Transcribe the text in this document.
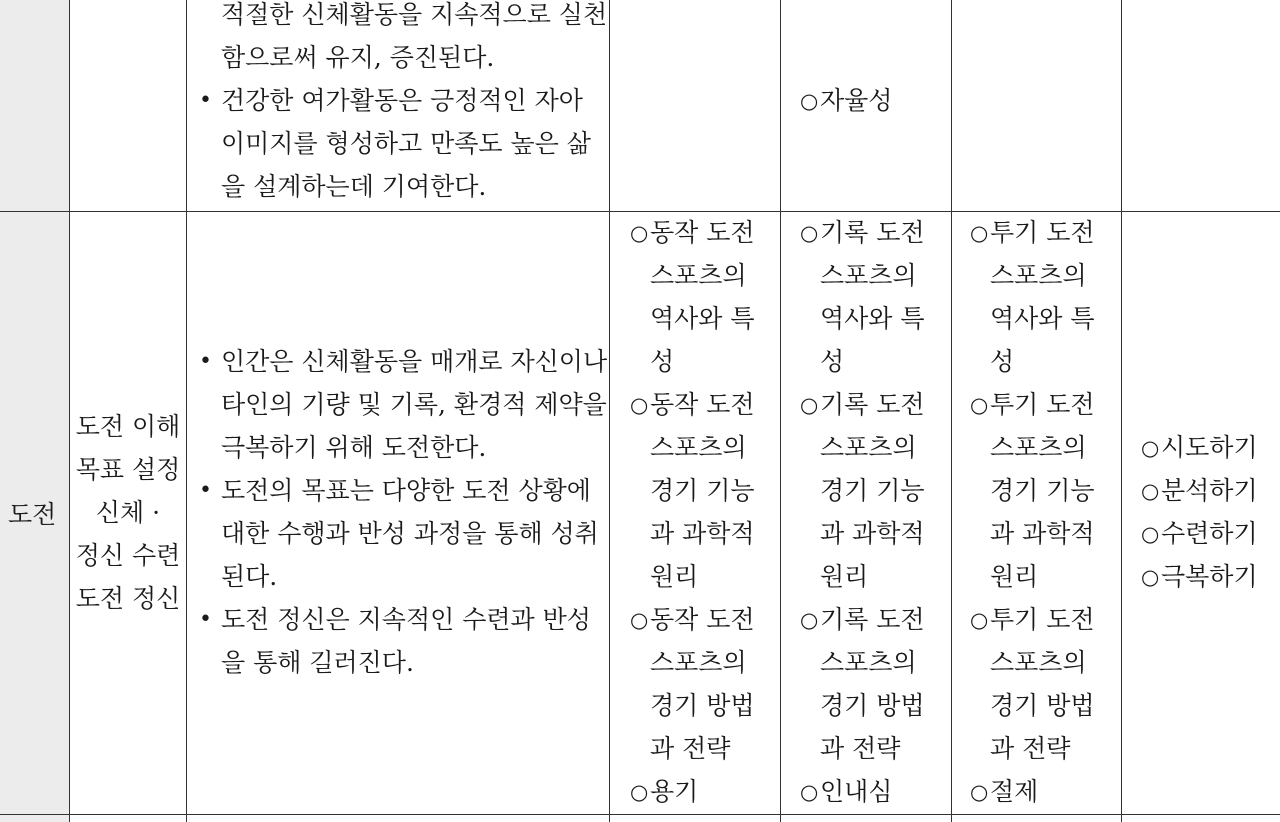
적절한 신체활동을 지속적으로 실천
함으로써 유지, 증진된다.
• 건강한 여가활동은 긍정적인 자아
이미지를 형성하고 만족도 높은 삶
을 설계하는데 기여한다.
○ 자율성
도전
도전 이해
목표 설정
신체 ·
정신 수련
도전 정신
• 인간은 신체활동을 매개로 자신이나
타인의 기량 및 기록, 환경적 제약을
극복하기 위해 도전한다.
• 도전의 목표는 다양한 도전 상황에
대한 수행과 반성 과정을 통해 성취
된다.
• 도전 정신은 지속적인 수련과 반성
을 통해 길러진다.
○ 동작 도전
스포츠의
역사와 특
성
○ 동작 도전
스포츠의
경기 기능
과 과학적
원리
○ 동작 도전
스포츠의
경기 방법
과 전략
○ 용기
○ 기록 도전
스포츠의
역사와 특
성
○ 기록 도전
스포츠의
경기 기능
과 과학적
원리
○ 기록 도전
스포츠의
경기 방법
과 전략
○ 인내심
○ 투기 도전
스포츠의
역사와 특
성
○ 투기 도전
스포츠의
경기 기능
과 과학적
원리
○ 투기 도전
스포츠의
경기 방법
과 전략
○ 절제
○ 시도하기
○ 분석하기
○ 수련하기
○ 극복하기
